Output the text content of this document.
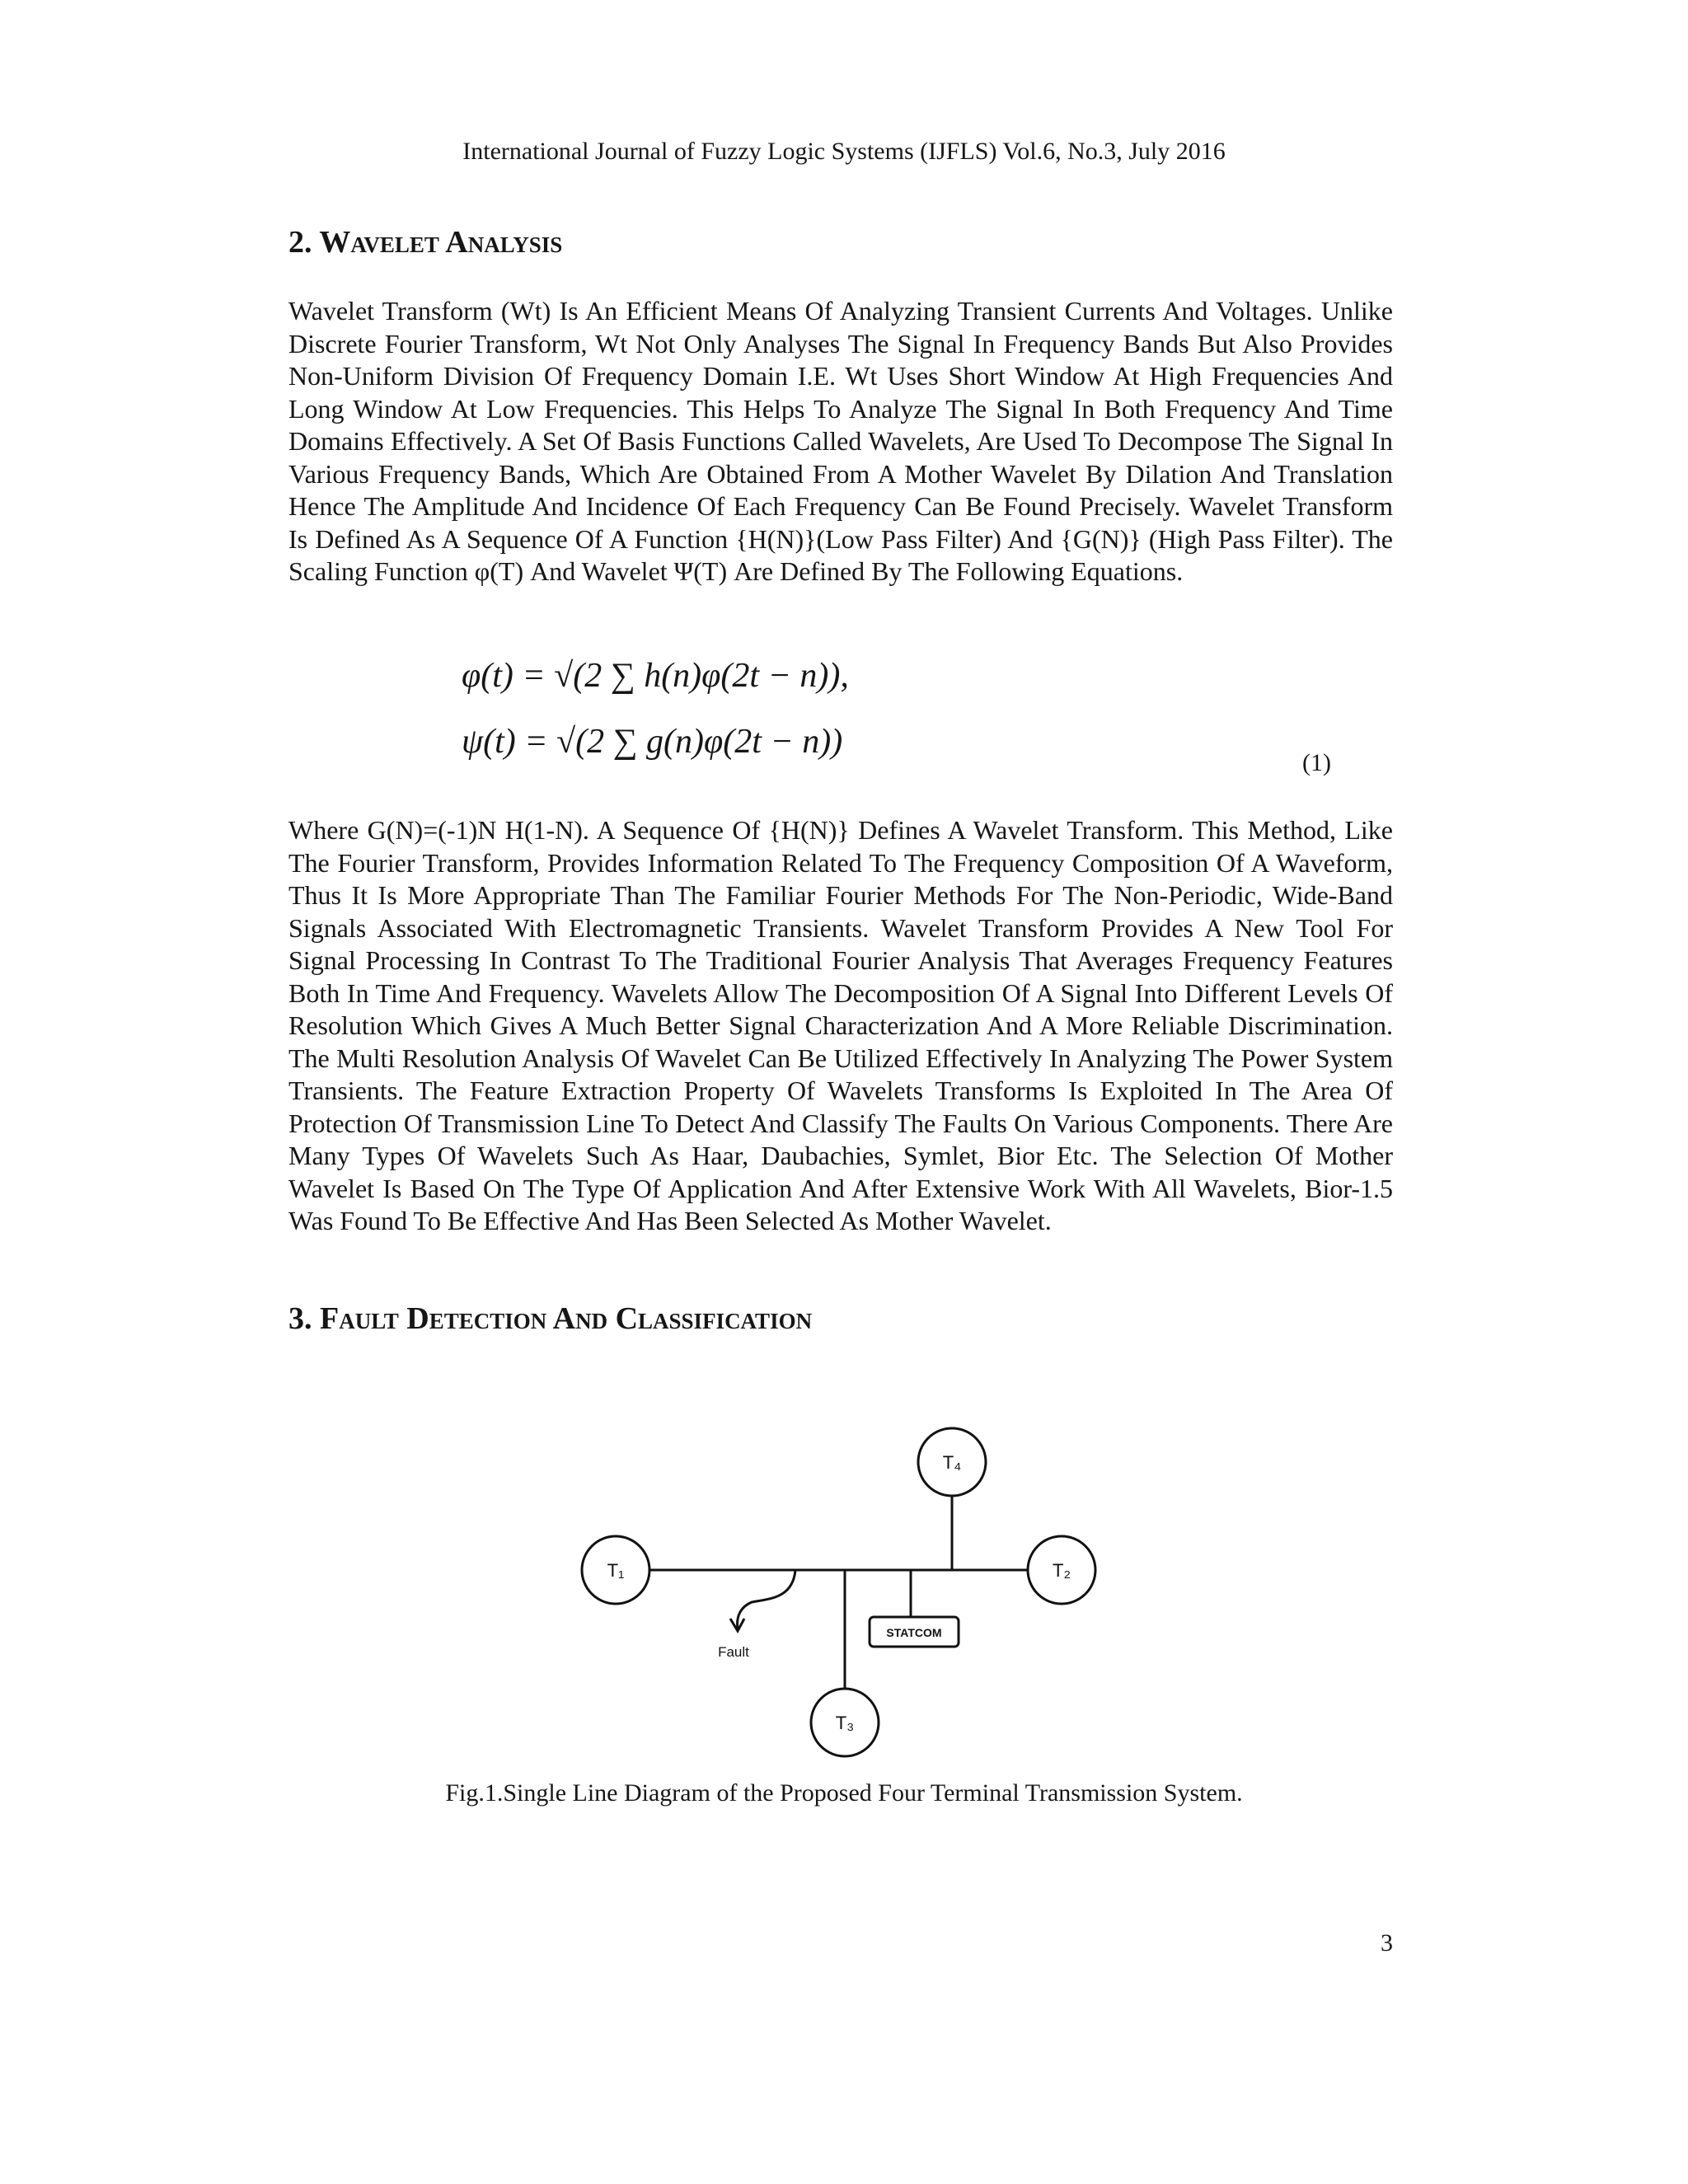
International Journal of Fuzzy Logic Systems (IJFLS) Vol.6, No.3, July 2016
2. Wavelet Analysis

Wavelet Transform (Wt) Is An Efficient Means Of Analyzing Transient Currents And Voltages. Unlike Discrete Fourier Transform, Wt Not Only Analyses The Signal In Frequency Bands But Also Provides Non-Uniform Division Of Frequency Domain I.E. Wt Uses Short Window At High Frequencies And Long Window At Low Frequencies. This Helps To Analyze The Signal In Both Frequency And Time Domains Effectively. A Set Of Basis Functions Called Wavelets, Are Used To Decompose The Signal In Various Frequency Bands, Which Are Obtained From A Mother Wavelet By Dilation And Translation Hence The Amplitude And Incidence Of Each Frequency Can Be Found Precisely. Wavelet Transform Is Defined As A Sequence Of A Function {H(N)}(Low Pass Filter) And {G(N)} (High Pass Filter). The Scaling Function φ(T) And Wavelet Ψ(T) Are Defined By The Following Equations.

φ(t) = √(2 ∑ h(n)φ(2t − n)),
ψ(t) = √(2 ∑ g(n)φ(2t − n))
(1)

Where G(N)=(-1)N H(1-N). A Sequence Of {H(N)} Defines A Wavelet Transform. This Method, Like The Fourier Transform, Provides Information Related To The Frequency Composition Of A Waveform, Thus It Is More Appropriate Than The Familiar Fourier Methods For The Non-Periodic, Wide-Band Signals Associated With Electromagnetic Transients. Wavelet Transform Provides A New Tool For Signal Processing In Contrast To The Traditional Fourier Analysis That Averages Frequency Features Both In Time And Frequency. Wavelets Allow The Decomposition Of A Signal Into Different Levels Of Resolution Which Gives A Much Better Signal Characterization And A More Reliable Discrimination. The Multi Resolution Analysis Of Wavelet Can Be Utilized Effectively In Analyzing The Power System Transients. The Feature Extraction Property Of Wavelets Transforms Is Exploited In The Area Of Protection Of Transmission Line To Detect And Classify The Faults On Various Components. There Are Many Types Of Wavelets Such As Haar, Daubachies, Symlet, Bior Etc. The Selection Of Mother Wavelet Is Based On The Type Of Application And After Extensive Work With All Wavelets, Bior-1.5 Was Found To Be Effective And Has Been Selected As Mother Wavelet.

3. Fault Detection And Classification
T₁	T₂
T₃
T₄
STATCOM
Fault
Fig.1.Single Line Diagram of the Proposed Four Terminal Transmission System.
3
